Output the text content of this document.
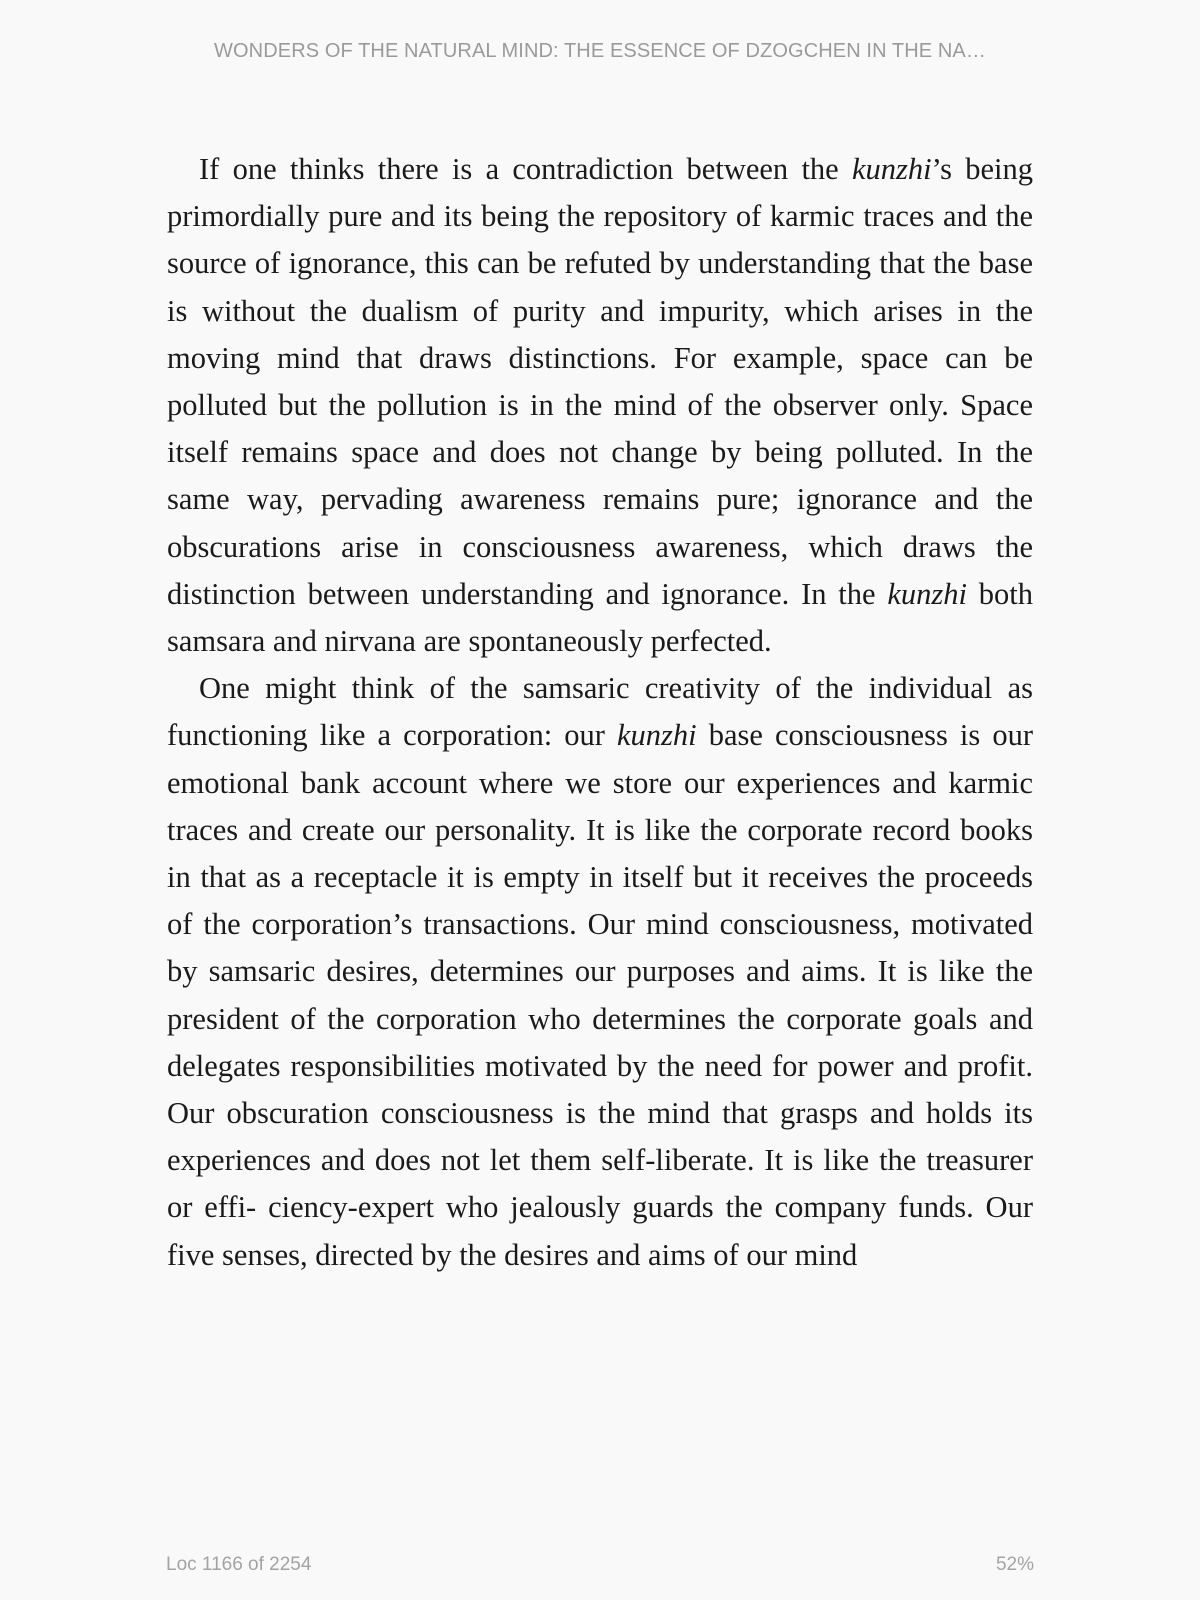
WONDERS OF THE NATURAL MIND: THE ESSENCE OF DZOGCHEN IN THE NA…

If one thinks there is a contradiction between the kunzhi’s being primordially pure and its being the repository of karmic traces and the source of ignorance, this can be refuted by understanding that the base is without the dualism of purity and impurity, which arises in the moving mind that draws distinctions. For example, space can be polluted but the pollution is in the mind of the observer only. Space itself remains space and does not change by being polluted. In the same way, pervading awareness remains pure; ignorance and the obscurations arise in consciousness awareness, which draws the distinction between understanding and ignorance. In the kunzhi both samsara and nirvana are spontaneously perfected.

One might think of the samsaric creativity of the individual as functioning like a corporation: our kunzhi base consciousness is our emotional bank account where we store our experiences and karmic traces and create our personality. It is like the corporate record books in that as a receptacle it is empty in itself but it receives the proceeds of the corporation’s transactions. Our mind consciousness, motivated by samsaric desires, determines our purposes and aims. It is like the president of the corporation who determines the corporate goals and delegates responsibilities motivated by the need for power and profit. Our obscuration consciousness is the mind that grasps and holds its experiences and does not let them self-liberate. It is like the treasurer or effi- ciency-expert who jealously guards the company funds. Our five senses, directed by the desires and aims of our mind

Loc 1166 of 2254	52%
